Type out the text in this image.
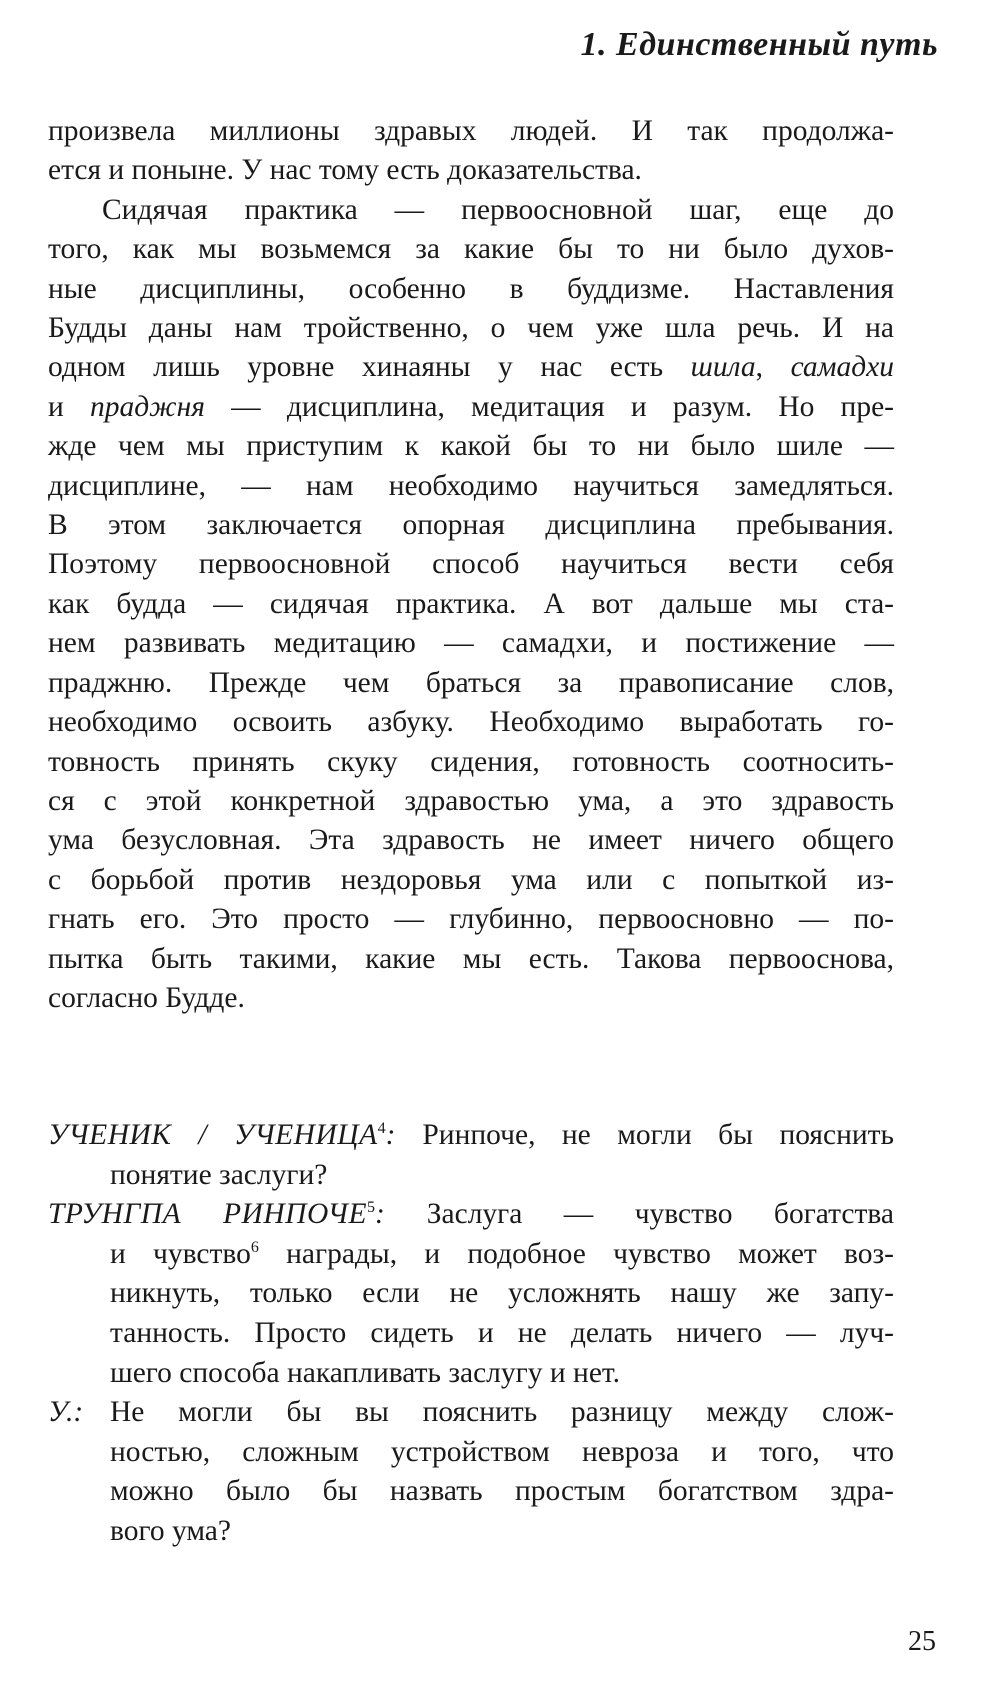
1. Единственный путь
произвела миллионы здравых людей. И так продолжа-
ется и поныне. У нас тому есть доказательства.
Сидячая практика — первоосновной шаг, еще до
того, как мы возьмемся за какие бы то ни было духов-
ные дисциплины, особенно в буддизме. Наставления
Будды даны нам тройственно, о чем уже шла речь. И на
одном лишь уровне хинаяны у нас есть шила, самадхи
и праджня — дисциплина, медитация и разум. Но пре-
жде чем мы приступим к какой бы то ни было шиле —
дисциплине, — нам необходимо научиться замедляться.
В этом заключается опорная дисциплина пребывания.
Поэтому первоосновной способ научиться вести себя
как будда — сидячая практика. А вот дальше мы ста-
нем развивать медитацию — самадхи, и постижение —
праджню. Прежде чем браться за правописание слов,
необходимо освоить азбуку. Необходимо выработать го-
товность принять скуку сидения, готовность соотносить-
ся с этой конкретной здравостью ума, а это здравость
ума безусловная. Эта здравость не имеет ничего общего
с борьбой против нездоровья ума или с попыткой из-
гнать его. Это просто — глубинно, первоосновно — по-
пытка быть такими, какие мы есть. Такова первооснова,
согласно Будде.
УЧЕНИК / УЧЕНИЦА$^4$: Ринпоче, не могли бы пояснить
понятие заслуги?
ТРУНГПА РИНПОЧЕ$^5$: Заслуга — чувство богатства
и чувство$^6$ награды, и подобное чувство может воз-
никнуть, только если не усложнять нашу же запу-
танность. Просто сидеть и не делать ничего — луч-
шего способа накапливать заслугу и нет.
У.: Не могли бы вы пояснить разницу между слож-
ностью, сложным устройством невроза и того, что
можно было бы назвать простым богатством здра-
вого ума?
25
